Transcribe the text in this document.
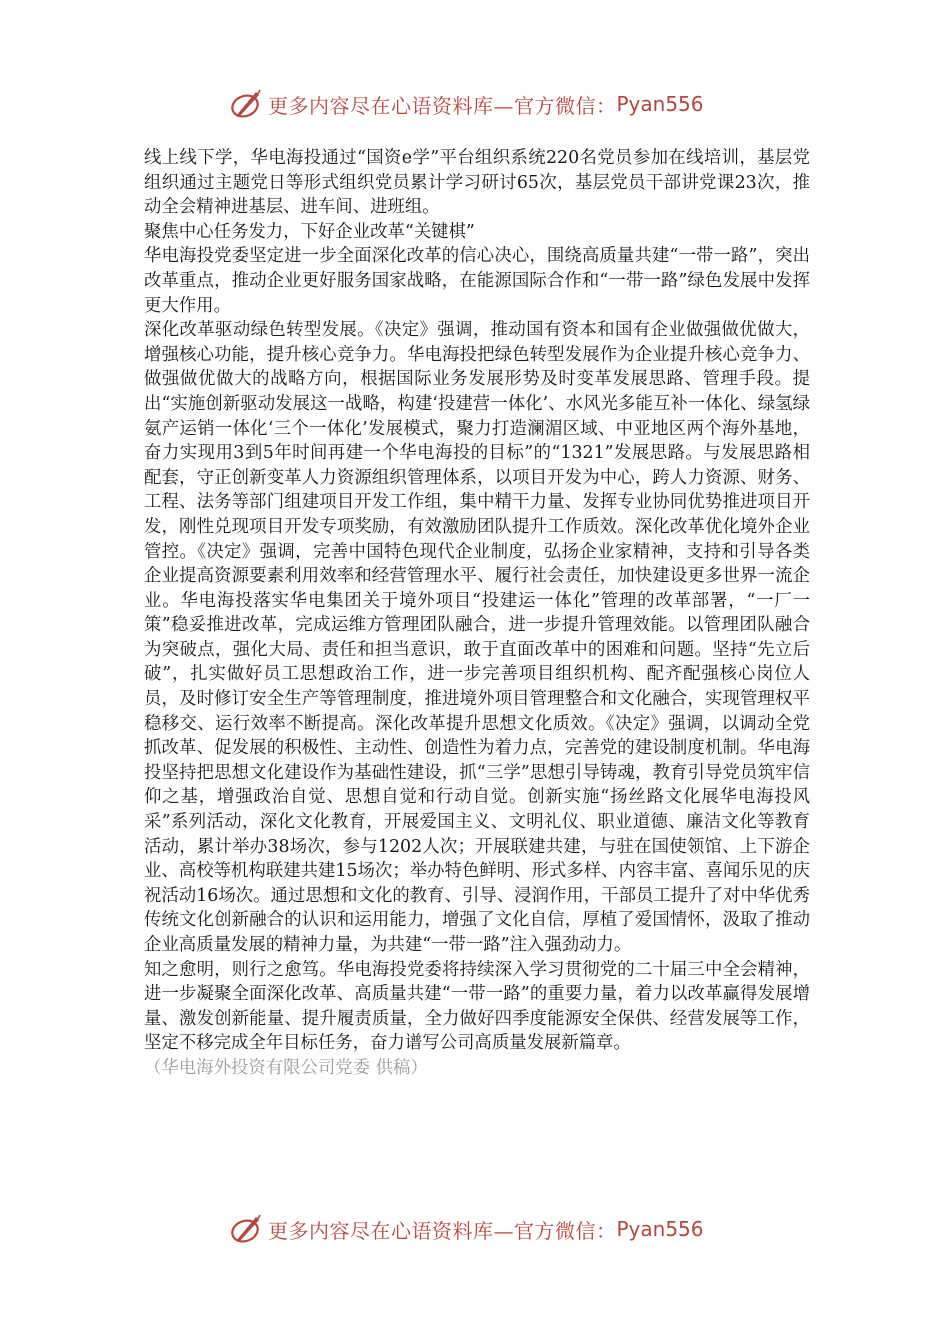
更多内容尽在心语资料库—官方微信： Pyan556

线上线下学，华电海投通过“国资e学”平台组织系统220名党员参加在线培训，基层党组织通过主题党日等形式组织党员累计学习研讨65次，基层党员干部讲党课23次，推动全会精神进基层、进车间、进班组。

聚焦中心任务发力，下好企业改革“关键棋”

华电海投党委坚定进一步全面深化改革的信心决心，围绕高质量共建“一带一路”，突出改革重点，推动企业更好服务国家战略，在能源国际合作和“一带一路”绿色发展中发挥更大作用。

深化改革驱动绿色转型发展。《决定》强调，推动国有资本和国有企业做强做优做大，增强核心功能，提升核心竞争力。华电海投把绿色转型发展作为企业提升核心竞争力、做强做优做大的战略方向，根据国际业务发展形势及时变革发展思路、管理手段。提出“实施创新驱动发展这一战略，构建‘投建营一体化’、水风光多能互补一体化、绿氢绿氨产运销一体化‘三个一体化’发展模式，聚力打造澜湄区域、中亚地区两个海外基地，奋力实现用3到5年时间再建一个华电海投的目标”的“1321”发展思路。与发展思路相配套，守正创新变革人力资源组织管理体系，以项目开发为中心，跨人力资源、财务、工程、法务等部门组建项目开发工作组，集中精干力量、发挥专业协同优势推进项目开发，刚性兑现项目开发专项奖励，有效激励团队提升工作质效。深化改革优化境外企业管控。《决定》强调，完善中国特色现代企业制度，弘扬企业家精神，支持和引导各类企业提高资源要素利用效率和经营管理水平、履行社会责任，加快建设更多世界一流企业。华电海投落实华电集团关于境外项目“投建运一体化”管理的改革部署，“一厂一策”稳妥推进改革，完成运维方管理团队融合，进一步提升管理效能。以管理团队融合为突破点，强化大局、责任和担当意识，敢于直面改革中的困难和问题。坚持“先立后破”，扎实做好员工思想政治工作，进一步完善项目组织机构、配齐配强核心岗位人员，及时修订安全生产等管理制度，推进境外项目管理整合和文化融合，实现管理权平稳移交、运行效率不断提高。深化改革提升思想文化质效。《决定》强调，以调动全党抓改革、促发展的积极性、主动性、创造性为着力点，完善党的建设制度机制。华电海投坚持把思想文化建设作为基础性建设，抓“三学”思想引导铸魂，教育引导党员筑牢信仰之基，增强政治自觉、思想自觉和行动自觉。创新实施“扬丝路文化展华电海投风采”系列活动，深化文化教育，开展爱国主义、文明礼仪、职业道德、廉洁文化等教育活动，累计举办38场次，参与1202人次；开展联建共建，与驻在国使领馆、上下游企业、高校等机构联建共建15场次；举办特色鲜明、形式多样、内容丰富、喜闻乐见的庆祝活动16场次。通过思想和文化的教育、引导、浸润作用，干部员工提升了对中华优秀传统文化创新融合的认识和运用能力，增强了文化自信，厚植了爱国情怀，汲取了推动企业高质量发展的精神力量，为共建“一带一路”注入强劲动力。

知之愈明，则行之愈笃。华电海投党委将持续深入学习贯彻党的二十届三中全会精神，进一步凝聚全面深化改革、高质量共建“一带一路”的重要力量，着力以改革赢得发展增量、激发创新能量、提升履责质量，全力做好四季度能源安全保供、经营发展等工作，坚定不移完成全年目标任务，奋力谱写公司高质量发展新篇章。

（华电海外投资有限公司党委 供稿）

更多内容尽在心语资料库—官方微信： Pyan556
